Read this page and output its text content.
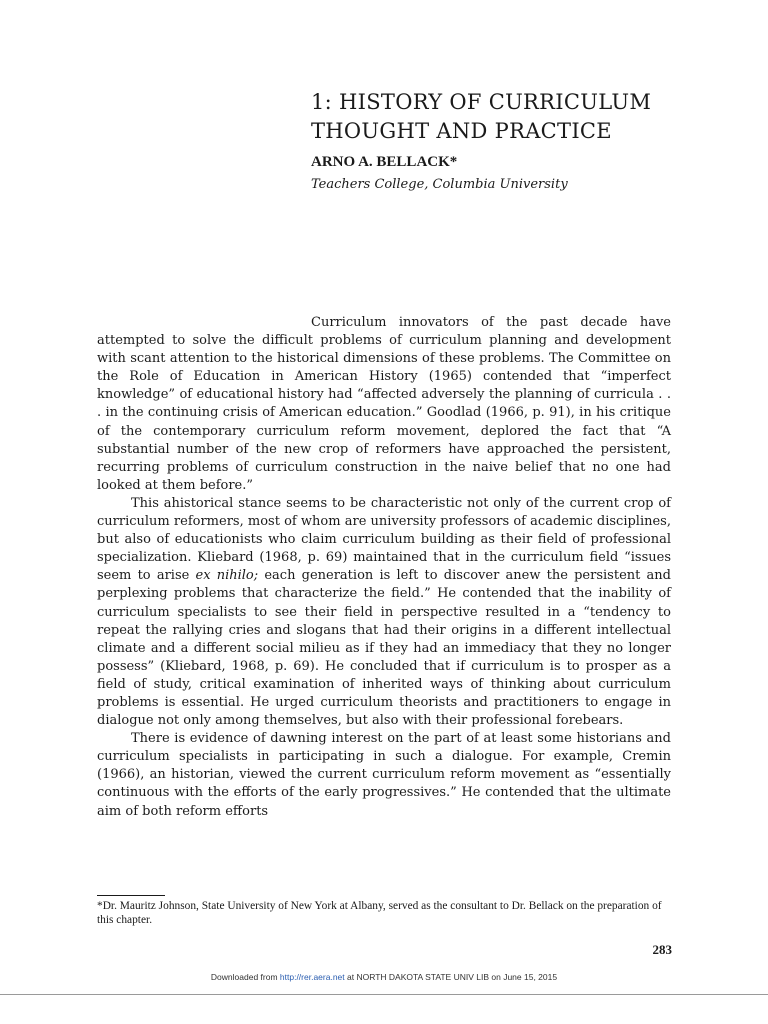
1: HISTORY OF CURRICULUM
THOUGHT AND PRACTICE

ARNO A. BELLACK*

Teachers College, Columbia University

Curriculum innovators of the past decade have attempted to solve the difficult problems of curriculum planning and development with scant attention to the historical dimensions of these problems. The Committee on the Role of Education in American History (1965) contended that “imperfect knowledge” of educational history had “affected adversely the planning of curricula . . . in the continuing crisis of American education.” Goodlad (1966, p. 91), in his critique of the contemporary curriculum reform movement, deplored the fact that “A substantial number of the new crop of reformers have approached the persistent, recurring problems of curriculum construction in the naive belief that no one had looked at them before.”

This ahistorical stance seems to be characteristic not only of the current crop of curriculum reformers, most of whom are university professors of academic disciplines, but also of educationists who claim curriculum building as their field of professional specialization. Kliebard (1968, p. 69) maintained that in the curriculum field “issues seem to arise ex nihilo; each generation is left to discover anew the persistent and perplexing problems that characterize the field.” He contended that the inability of curriculum specialists to see their field in perspective resulted in a “tendency to repeat the rallying cries and slogans that had their origins in a different intellectual climate and a different social milieu as if they had an immediacy that they no longer possess” (Kliebard, 1968, p. 69). He concluded that if curriculum is to prosper as a field of study, critical examination of inherited ways of thinking about curriculum problems is essential. He urged curriculum theorists and practitioners to engage in dialogue not only among themselves, but also with their professional forebears.

There is evidence of dawning interest on the part of at least some historians and curriculum specialists in participating in such a dialogue. For example, Cremin (1966), an historian, viewed the current curriculum reform movement as “essentially continuous with the efforts of the early progressives.” He contended that the ultimate aim of both reform efforts

*Dr. Mauritz Johnson, State University of New York at Albany, served as the consultant to Dr. Bellack on the preparation of this chapter.

283
Downloaded from http://rer.aera.net at NORTH DAKOTA STATE UNIV LIB on June 15, 2015
